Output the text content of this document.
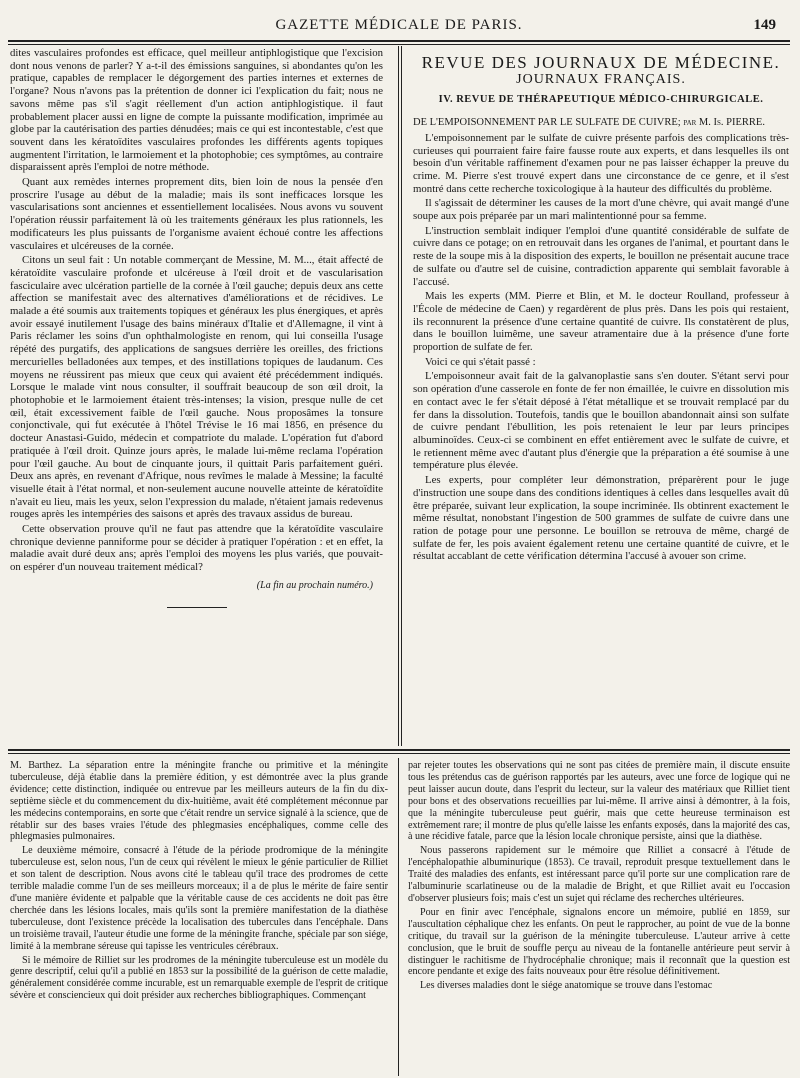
GAZETTE MÉDICALE DE PARIS.	149

dites vasculaires profondes est efficace, quel meilleur antiphlogistique que l'excision dont nous venons de parler? Y a-t-il des émissions sanguines, si abondantes qu'on les pratique, capables de remplacer le dégorgement des parties internes et externes de l'organe? Nous n'avons pas la prétention de donner ici l'explication du fait; nous ne savons même pas s'il s'agit réellement d'un action antiphlogistique. il faut probablement placer aussi en ligne de compte la puissante modification, imprimée au globe par la cautérisation des parties dénudées; mais ce qui est incontestable, c'est que souvent dans les kératoïdites vasculaires profondes les différents agents topiques augmentent l'irritation, le larmoiement et la photophobie; ces symptômes, au contraire disparaissent après l'emploi de notre méthode.

Quant aux remèdes internes proprement dits, bien loin de nous la pensée d'en proscrire l'usage au début de la maladie; mais ils sont inefficaces lorsque les vascularisations sont anciennes et essentiellement localisées. Nous avons vu souvent l'opération réussir parfaitement là où les traitements généraux les plus rationnels, les modificateurs les plus puissants de l'organisme avaient échoué contre les affections vasculaires et ulcéreuses de la cornée.

Citons un seul fait : Un notable commerçant de Messine, M. M..., était affecté de kératoïdite vasculaire profonde et ulcéreuse à l'œil droit et de vascularisation fasciculaire avec ulcération partielle de la cornée à l'œil gauche; depuis deux ans cette affection se manifestait avec des alternatives d'améliorations et de récidives. Le malade a été soumis aux traitements topiques et généraux les plus énergiques, et après avoir essayé inutilement l'usage des bains minéraux d'Italie et d'Allemagne, il vint à Paris réclamer les soins d'un ophthalmologiste en renom, qui lui conseilla l'usage répété des purgatifs, des applications de sangsues derrière les oreilles, des frictions mercurielles belladonées aux tempes, et des instillations topiques de laudanum. Ces moyens ne réussirent pas mieux que ceux qui avaient été précédemment indiqués. Lorsque le malade vint nous consulter, il souffrait beaucoup de son œil droit, la photophobie et le larmoiement étaient très-intenses; la vision, presque nulle de cet œil, était excessivement faible de l'œil gauche. Nous proposâmes la tonsure conjonctivale, qui fut exécutée à l'hôtel Trévise le 16 mai 1856, en présence du docteur Anastasi-Guido, médecin et compatriote du malade. L'opération fut d'abord pratiquée à l'œil droit. Quinze jours après, le malade lui-même reclama l'opération pour l'œil gauche. Au bout de cinquante jours, il quittait Paris parfaitement guéri. Deux ans après, en revenant d'Afrique, nous revîmes le malade à Messine; la faculté visuelle était à l'état normal, et non-seulement aucune nouvelle atteinte de kératoïdite n'avait eu lieu, mais les yeux, selon l'expression du malade, n'étaient jamais redevenus rouges après les intempéries des saisons et après des travaux assidus de bureau.

Cette observation prouve qu'il ne faut pas attendre que la kératoïdite vasculaire chronique devienne panniforme pour se décider à pratiquer l'opération : et en effet, la maladie avait duré deux ans; après l'emploi des moyens les plus variés, que pouvait-on espérer d'un nouveau traitement médical?

(La fin au prochain numéro.)
REVUE DES JOURNAUX DE MÉDECINE.
JOURNAUX FRANÇAIS.
IV. REVUE DE THÉRAPEUTIQUE MÉDICO-CHIRURGICALE.

DE L'EMPOISONNEMENT PAR LE SULFATE DE CUIVRE; par M. Is. PIERRE.

L'empoisonnement par le sulfate de cuivre présente parfois des complications très-curieuses qui pourraient faire faire fausse route aux experts, et dans lesquelles ils ont besoin d'un véritable raffinement d'examen pour ne pas laisser échapper la preuve du crime. M. Pierre s'est trouvé expert dans une circonstance de ce genre, et il s'est montré dans cette recherche toxicologique à la hauteur des difficultés du problème.

Il s'agissait de déterminer les causes de la mort d'une chèvre, qui avait mangé d'une soupe aux pois préparée par un mari malintentionné pour sa femme.

L'instruction semblait indiquer l'emploi d'une quantité considérable de sulfate de cuivre dans ce potage; on en retrouvait dans les organes de l'animal, et pourtant dans le reste de la soupe mis à la disposition des experts, le bouillon ne présentait aucune trace de sulfate ou d'autre sel de cuisine, contradiction apparente qui semblait favorable à l'accusé.

Mais les experts (MM. Pierre et Blin, et M. le docteur Roulland, professeur à l'École de médecine de Caen) y regardèrent de plus près. Dans les pois qui restaient, ils reconnurent la présence d'une certaine quantité de cuivre. Ils constatèrent de plus, dans le bouillon luimême, une saveur atramentaire due à la présence d'une forte proportion de sulfate de fer.

Voici ce qui s'était passé :

L'empoisonneur avait fait de la galvanoplastie sans s'en douter. S'étant servi pour son opération d'une casserole en fonte de fer non émaillée, le cuivre en dissolution mis en contact avec le fer s'était déposé à l'état métallique et se trouvait remplacé par du fer dans la dissolution. Toutefois, tandis que le bouillon abandonnait ainsi son sulfate de cuivre pendant l'ébullition, les pois retenaient le leur par leurs principes albuminoïdes. Ceux-ci se combinent en effet entièrement avec le sulfate de cuivre, et le retiennent même avec d'autant plus d'énergie que la préparation a été soumise à une température plus élevée.

Les experts, pour compléter leur démonstration, préparèrent pour le juge d'instruction une soupe dans des conditions identiques à celles dans lesquelles avait dû être préparée, suivant leur explication, la soupe incriminée. Ils obtinrent exactement le même résultat, nonobstant l'ingestion de 500 grammes de sulfate de cuivre dans une ration de potage pour une personne. Le bouillon se retrouva de même, chargé de sulfate de fer, les pois avaient également retenu une certaine quantité de cuivre, et le résultat accablant de cette vérification détermina l'accusé à avouer son crime.

M. Barthez. La séparation entre la méningite franche ou primitive et la méningite tuberculeuse, déjà établie dans la première édition, y est démontrée avec la plus grande évidence; cette distinction, indiquée ou entrevue par les meilleurs auteurs de la fin du dix-septième siècle et du commencement du dix-huitième, avait été complétement méconnue par les médecins contemporains, en sorte que c'était rendre un service signalé à la science, que de rétablir sur des bases vraies l'étude des phlegmasies encéphaliques, comme celle des phlegmasies pulmonaires.

Le deuxième mémoire, consacré à l'étude de la période prodromique de la méningite tuberculeuse est, selon nous, l'un de ceux qui révèlent le mieux le génie particulier de Rilliet et son talent de description. Nous avons cité le tableau qu'il trace des prodromes de cette terrible maladie comme l'un de ses meilleurs morceaux; il a de plus le mérite de faire sentir d'une manière évidente et palpable que la véritable cause de ces accidents ne doit pas être cherchée dans les lésions locales, mais qu'ils sont la première manifestation de la diathèse tuberculeuse, dont l'existence précède la localisation des tubercules dans l'encéphale. Dans un troisième travail, l'auteur étudie une forme de la méningite franche, spéciale par son siége, limité à la membrane séreuse qui tapisse les ventricules cérébraux.

Si le mémoire de Rilliet sur les prodromes de la méningite tuberculeuse est un modèle du genre descriptif, celui qu'il a publié en 1853 sur la possibilité de la guérison de cette maladie, généralement considérée comme incurable, est un remarquable exemple de l'esprit de critique sévère et consciencieux qui doit présider aux recherches bibliographiques. Commençant

par rejeter toutes les observations qui ne sont pas citées de première main, il discute ensuite tous les prétendus cas de guérison rapportés par les auteurs, avec une force de logique qui ne peut laisser aucun doute, dans l'esprit du lecteur, sur la valeur des matériaux que Rilliet tient pour bons et des observations recueillies par lui-même. Il arrive ainsi à démontrer, à la fois, que la méningite tuberculeuse peut guérir, mais que cette heureuse terminaison est extrêmement rare; il montre de plus qu'elle laisse les enfants exposés, dans la majorité des cas, à une récidive fatale, parce que la lésion locale chronique persiste, ainsi que la diathèse.

Nous passerons rapidement sur le mémoire que Rilliet a consacré à l'étude de l'encéphalopathie albuminurique (1853). Ce travail, reproduit presque textuellement dans le Traité des maladies des enfants, est intéressant parce qu'il porte sur une complication rare de l'albuminurie scarlatineuse ou de la maladie de Bright, et que Rilliet avait eu l'occasion d'observer plusieurs fois; mais c'est un sujet qui réclame des recherches ultérieures.

Pour en finir avec l'encéphale, signalons encore un mémoire, publié en 1859, sur l'auscultation céphalique chez les enfants. On peut le rapprocher, au point de vue de la bonne critique, du travail sur la guérison de la méningite tuberculeuse. L'auteur arrive à cette conclusion, que le bruit de souffle perçu au niveau de la fontanelle antérieure peut servir à distinguer le rachitisme de l'hydrocéphalie chronique; mais il reconnaît que la question est encore pendante et exige des faits nouveaux pour être résolue définitivement.

Les diverses maladies dont le siége anatomique se trouve dans l'estomac
